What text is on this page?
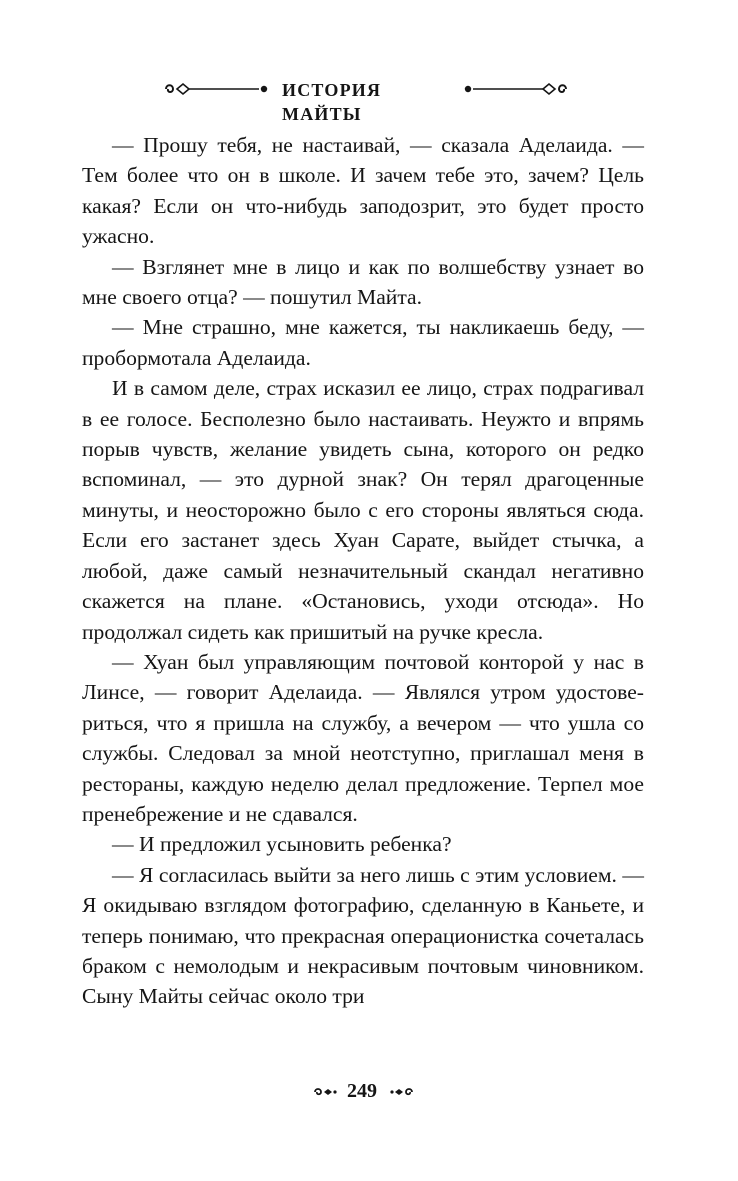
ИСТОРИЯ МАЙТЫ

— Прошу тебя, не настаивай, — сказала Аделаида. — Тем более что он в школе. И зачем тебе это, зачем? Цель какая? Если он что-нибудь заподозрит, это будет просто ужасно.

— Взглянет мне в лицо и как по волшебству узнает во мне своего отца? — пошутил Майта.

— Мне страшно, мне кажется, ты накликаешь беду, — пробормотала Аделаида.

И в самом деле, страх исказил ее лицо, страх подрагивал в ее голосе. Бесполезно было настаивать. Неужто и впрямь порыв чувств, желание увидеть сына, которого он редко вспоминал, — это дурной знак? Он терял драгоценные минуты, и неосторожно было с его стороны являться сюда. Если его застанет здесь Хуан Сарате, выйдет стычка, а любой, даже самый незначительный скандал негативно скажется на плане. «Остановись, уходи отсюда». Но продолжал сидеть как пришитый на ручке кресла.

— Хуан был управляющим почтовой конторой у нас в Линсе, — говорит Аделаида. — Являлся утром удостовериться, что я пришла на службу, а вечером — что ушла со службы. Следовал за мной неотступно, приглашал меня в рестораны, каждую неделю делал предложение. Терпел мое пренебрежение и не сдавался.

— И предложил усыновить ребенка?

— Я согласилась выйти за него лишь с этим условием. — Я окидываю взглядом фотографию, сделанную в Каньете, и теперь понимаю, что прекрасная операционистка сочеталась браком с немолодым и некрасивым почтовым чиновником. Сыну Майты сейчас около три

249
